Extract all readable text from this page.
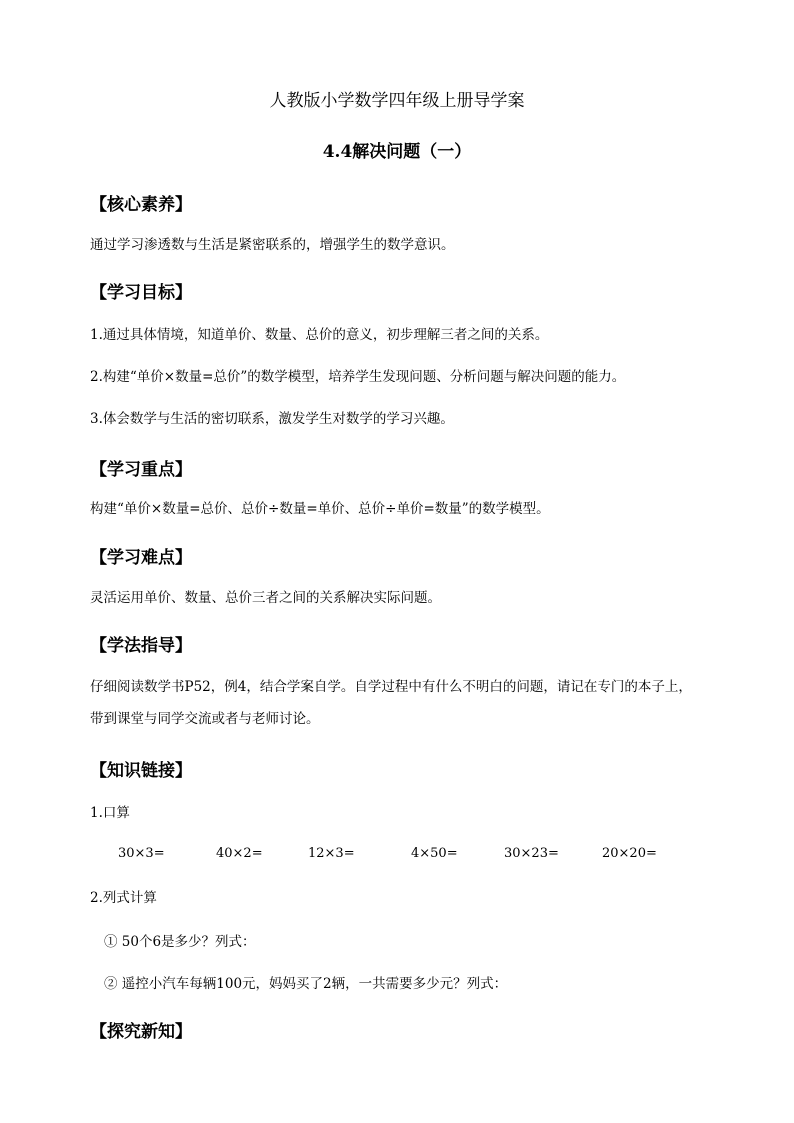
人教版小学数学四年级上册导学案
4.4解决问题（一）
【核心素养】
通过学习渗透数与生活是紧密联系的，增强学生的数学意识。
【学习目标】
1.通过具体情境，知道单价、数量、总价的意义，初步理解三者之间的关系。
2.构建“单价×数量=总价”的数学模型，培养学生发现问题、分析问题与解决问题的能力。
3.体会数学与生活的密切联系，激发学生对数学的学习兴趣。
【学习重点】
构建“单价×数量=总价、总价÷数量=单价、总价÷单价=数量”的数学模型。
【学习难点】
灵活运用单价、数量、总价三者之间的关系解决实际问题。
【学法指导】
仔细阅读数学书P52，例4，结合学案自学。自学过程中有什么不明白的问题，请记在专门的本子上，
带到课堂与同学交流或者与老师讨论。
【知识链接】
1.口算
30×3=	40×2=	12×3=	4×50=	30×23=	20×20=
2.列式计算
① 50个6是多少？列式：
② 遥控小汽车每辆100元，妈妈买了2辆，一共需要多少元？列式：
【探究新知】
